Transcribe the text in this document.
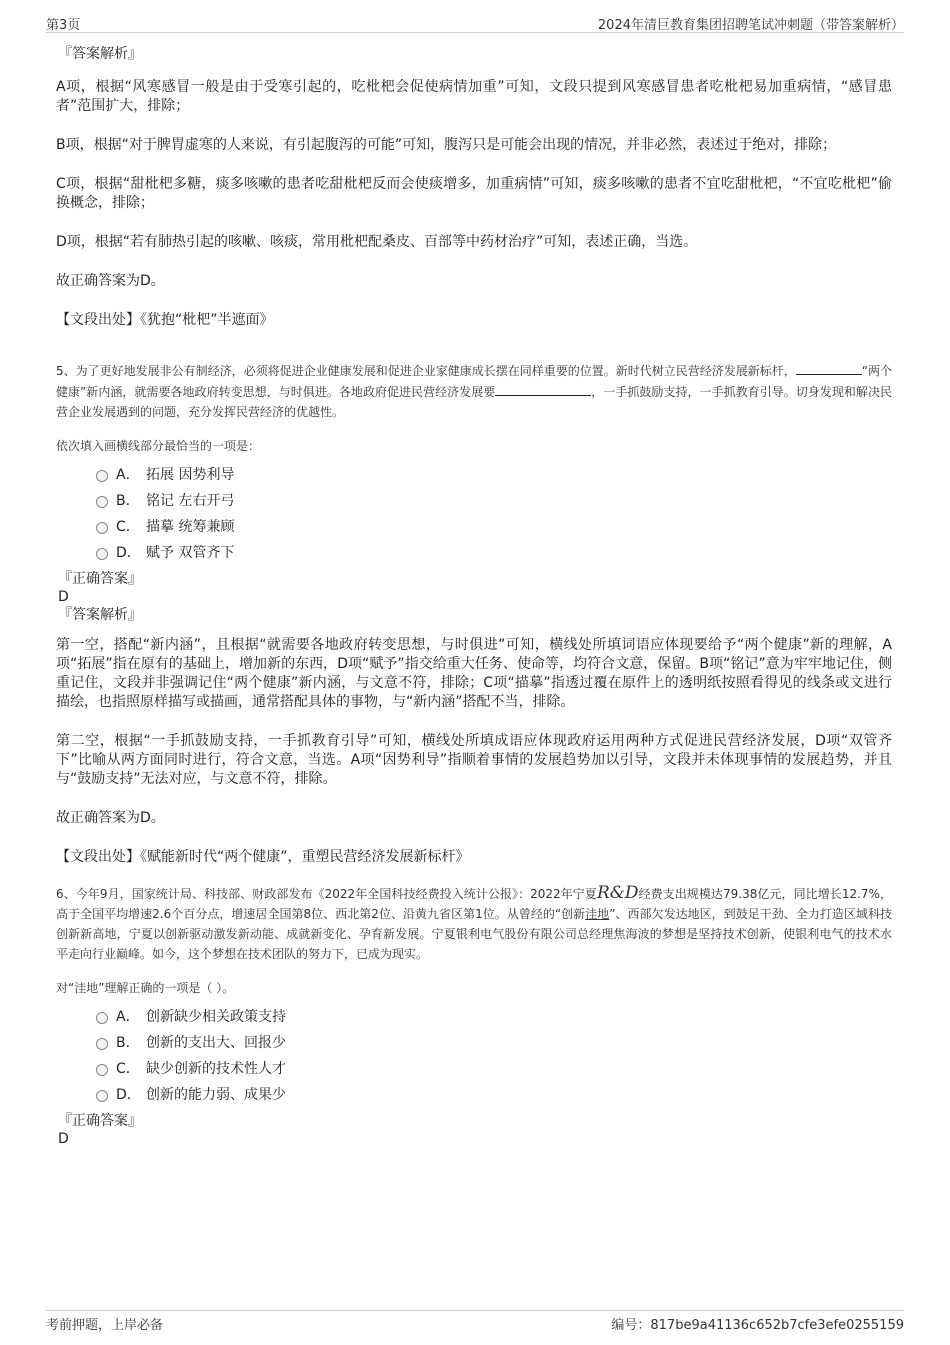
第3页	2024年清巨教育集团招聘笔试冲刺题（带答案解析）
『答案解析』

A项，根据“风寒感冒一般是由于受寒引起的，吃枇杷会促使病情加重”可知，文段只提到风寒感冒患者吃枇杷易加重病情，“感冒患者”范围扩大，排除；

B项，根据“对于脾胃虚寒的人来说，有引起腹泻的可能”可知，腹泻只是可能会出现的情况，并非必然，表述过于绝对，排除；

C项，根据“甜枇杷多糖，痰多咳嗽的患者吃甜枇杷反而会使痰增多，加重病情”可知，痰多咳嗽的患者不宜吃甜枇杷，“不宜吃枇杷”偷换概念，排除；

D项，根据“若有肺热引起的咳嗽、咳痰，常用枇杷配桑皮、百部等中药材治疗”可知，表述正确，当选。

故正确答案为D。

【文段出处】《犹抱“枇杷”半遮面》

5、为了更好地发展非公有制经济，必须将促进企业健康发展和促进企业家健康成长摆在同样重要的位置。新时代树立民营经济发展新标杆，	“两个健康”新内涵，就需要各地政府转变思想，与时俱进。各地政府促进民营经济发展要	，一手抓鼓励支持，一手抓教育引导。切身发现和解决民营企业发展遇到的问题，充分发挥民营经济的优越性。

依次填入画横线部分最恰当的一项是：

A． 拓展 因势利导
B． 铭记 左右开弓
C． 描摹 统筹兼顾
D． 赋予 双管齐下
『正确答案』
D
『答案解析』

第一空，搭配“新内涵”，且根据“就需要各地政府转变思想，与时俱进”可知，横线处所填词语应体现要给予“两个健康”新的理解，A项“拓展”指在原有的基础上，增加新的东西，D项“赋予”指交给重大任务、使命等，均符合文意，保留。B项“铭记”意为牢牢地记住，侧重记住，文段并非强调记住“两个健康”新内涵，与文意不符，排除；C项“描摹”指透过覆在原件上的透明纸按照看得见的线条或文进行描绘，也指照原样描写或描画，通常搭配具体的事物，与“新内涵”搭配不当，排除。

第二空，根据“一手抓鼓励支持，一手抓教育引导”可知，横线处所填成语应体现政府运用两种方式促进民营经济发展，D项“双管齐下”比喻从两方面同时进行，符合文意，当选。A项“因势利导”指顺着事情的发展趋势加以引导，文段并未体现事情的发展趋势，并且与“鼓励支持”无法对应，与文意不符，排除。

故正确答案为D。

【文段出处】《赋能新时代“两个健康”，重塑民营经济发展新标杆》

6、今年9月，国家统计局、科技部、财政部发布《2022年全国科技经费投入统计公报》：2022年宁夏R&D经费支出规模达79.38亿元，同比增长12.7%，高于全国平均增速2.6个百分点，增速居全国第8位、西北第2位、沿黄九省区第1位。从曾经的“创新洼地”、西部欠发达地区，到鼓足干劲、全力打造区域科技创新新高地，宁夏以创新驱动激发新动能、成就新变化、孕育新发展。宁夏银利电气股份有限公司总经理焦海波的梦想是坚持技术创新，使银利电气的技术水平走向行业巅峰。如今，这个梦想在技术团队的努力下，已成为现实。

对“洼地”理解正确的一项是（ ）。

A． 创新缺少相关政策支持
B． 创新的支出大、回报少
C． 缺少创新的技术性人才
D． 创新的能力弱、成果少
『正确答案』
D
考前押题，上岸必备	编号：817be9a41136c652b7cfe3efe0255159
